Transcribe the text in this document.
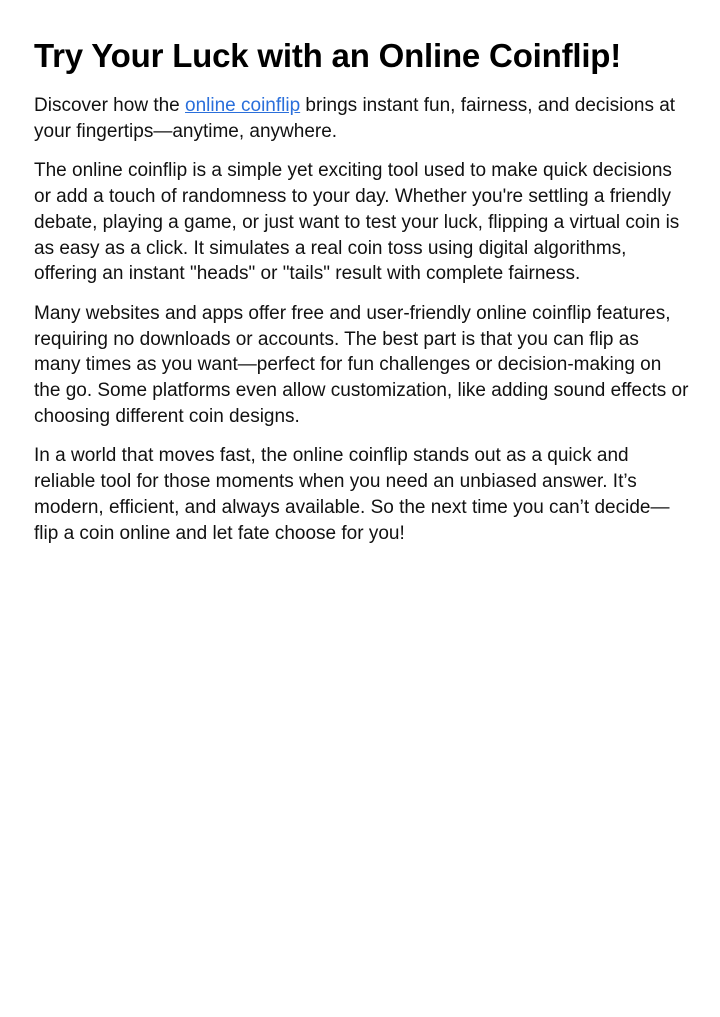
Try Your Luck with an Online Coinflip!

Discover how the online coinflip brings instant fun, fairness, and decisions at your fingertips—anytime, anywhere.

The online coinflip is a simple yet exciting tool used to make quick decisions or add a touch of randomness to your day. Whether you're settling a friendly debate, playing a game, or just want to test your luck, flipping a virtual coin is as easy as a click. It simulates a real coin toss using digital algorithms, offering an instant "heads" or "tails" result with complete fairness.

Many websites and apps offer free and user-friendly online coinflip features, requiring no downloads or accounts. The best part is that you can flip as many times as you want—perfect for fun challenges or decision-making on the go. Some platforms even allow customization, like adding sound effects or choosing different coin designs.

In a world that moves fast, the online coinflip stands out as a quick and reliable tool for those moments when you need an unbiased answer. It’s modern, efficient, and always available. So the next time you can’t decide—flip a coin online and let fate choose for you!
